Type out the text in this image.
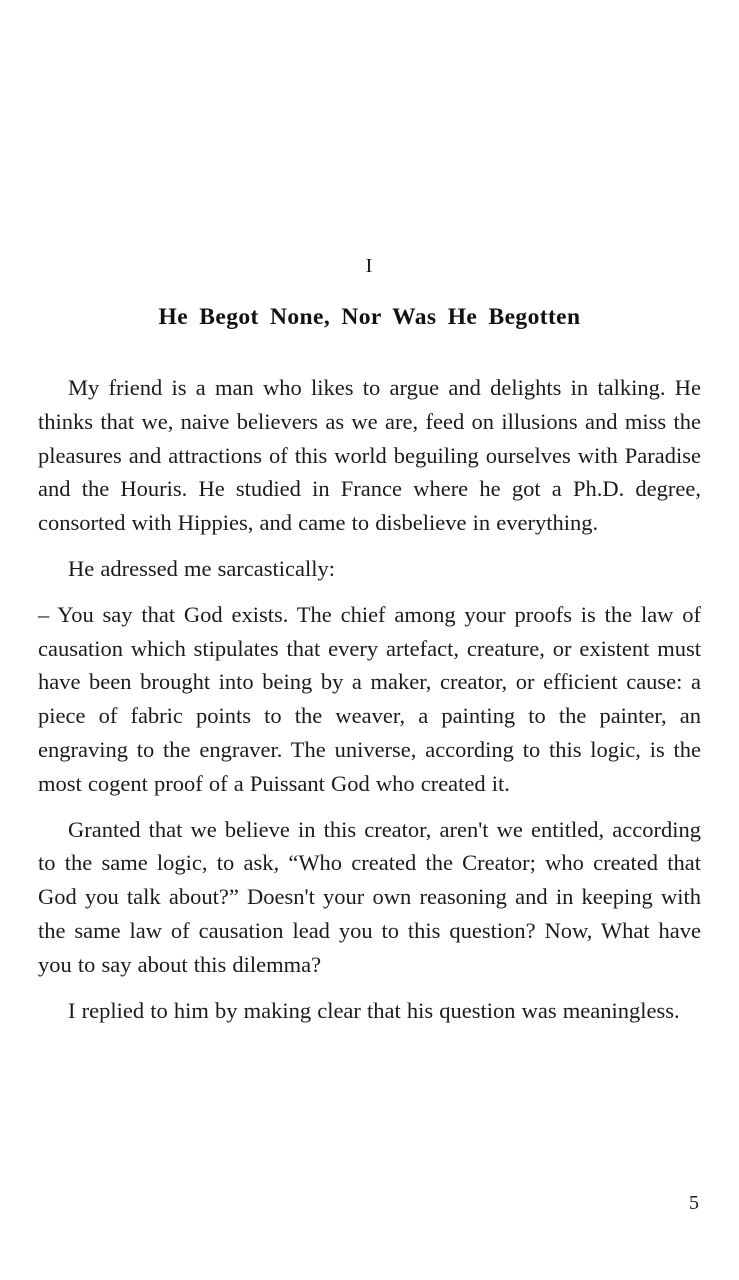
I
He Begot None, Nor Was He Begotten

My friend is a man who likes to argue and delights in talking. He thinks that we, naive believers as we are, feed on illusions and miss the pleasures and attractions of this world beguiling ourselves with Paradise and the Houris. He studied in France where he got a Ph.D. degree, consorted with Hippies, and came to disbelieve in everything.

He adressed me sarcastically:

– You say that God exists. The chief among your proofs is the law of causation which stipulates that every artefact, creature, or existent must have been brought into being by a maker, creator, or efficient cause: a piece of fabric points to the weaver, a painting to the painter, an engraving to the engraver. The universe, according to this logic, is the most cogent proof of a Puissant God who created it.

Granted that we believe in this creator, aren't we entitled, according to the same logic, to ask, “Who created the Creator; who created that God you talk about?” Doesn't your own reasoning and in keeping with the same law of causation lead you to this question? Now, What have you to say about this dilemma?

I replied to him by making clear that his question was meaningless.

5
